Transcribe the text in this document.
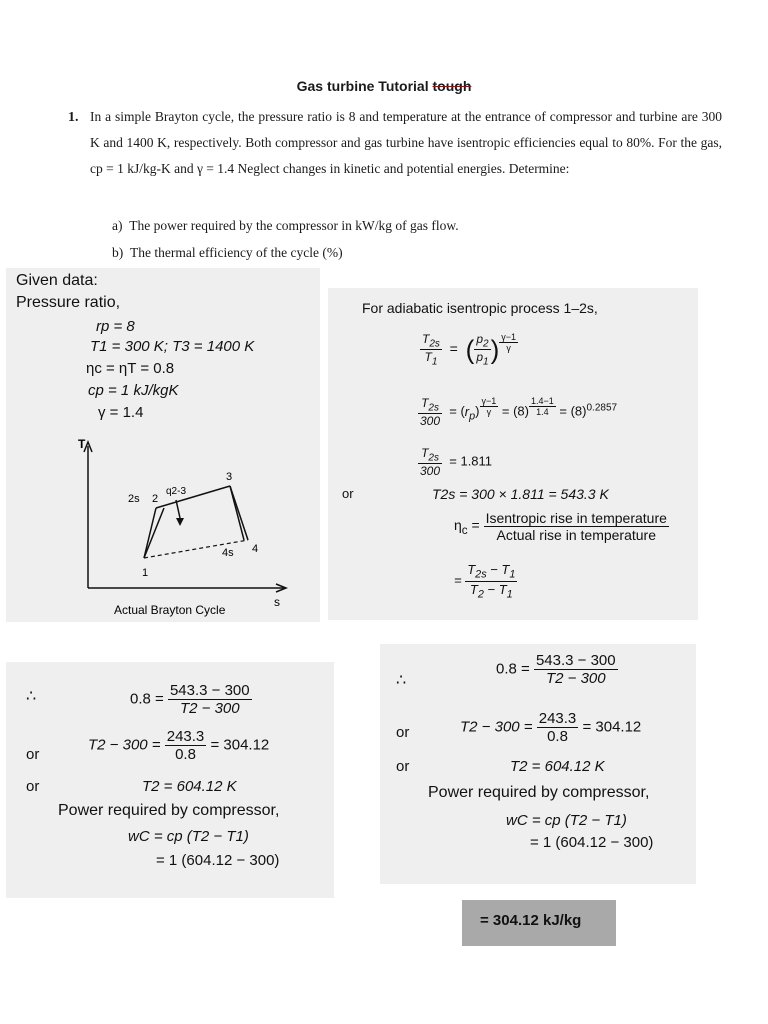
Gas turbine Tutorial tough
1. In a simple Brayton cycle, the pressure ratio is 8 and temperature at the entrance of compressor and turbine are 300 K and 1400 K, respectively. Both compressor and gas turbine have isentropic efficiencies equal to 80%. For the gas, cp = 1 kJ/kg-K and γ = 1.4 Neglect changes in kinetic and potential energies. Determine:
a) The power required by the compressor in kW/kg of gas flow.
b) The thermal efficiency of the cycle (%)
Given data:
Pressure ratio,
rp = 8
T1 = 300 K; T3 = 1400 K
ηc = ηT = 0.8
cp = 1 kJ/kgK
γ = 1.4
T
s
1
2
2s
3
4
4s
q2-3
Actual Brayton Cycle
For adiabatic isentropic process 1–2s,
$\frac{T_{2s}}{T_1}$ =  ( $\frac{p_2}{p_1}$ ) $\frac{\gamma-1}{\gamma}$
$\frac{T_{2s}}{300} = (r_p) \frac{\gamma-1}{\gamma} = (8) \frac{1.4-1}{1.4} = (8)^{0.2857}$
$\frac{T_{2s}}{300} = 1.811$
or	T2s = 300 × 1.811 = 543.3 K
$\eta_c = \frac{\text{Isentropic rise in temperature}}{\text{Actual rise in temperature}}$
= $\frac{T_{2s} - T_1}{T_2 - T_1}$
∴	$0.8 = \frac{543.3 - 300}{T2 - 300}$
or
$T2 - 300 = \frac{243.3}{0.8} = 304.12$
or	T2 = 604.12 K
Power required by compressor,
wC = cp (T2 − T1)
= 1 (604.12 − 300)
∴
$0.8 = \frac{543.3 - 300}{T2 - 300}$
or	$T2 - 300 = \frac{243.3}{0.8} = 304.12$
or	T2 = 604.12 K
Power required by compressor,
wC = cp (T2 − T1)
= 1 (604.12 − 300)
= 304.12 kJ/kg
